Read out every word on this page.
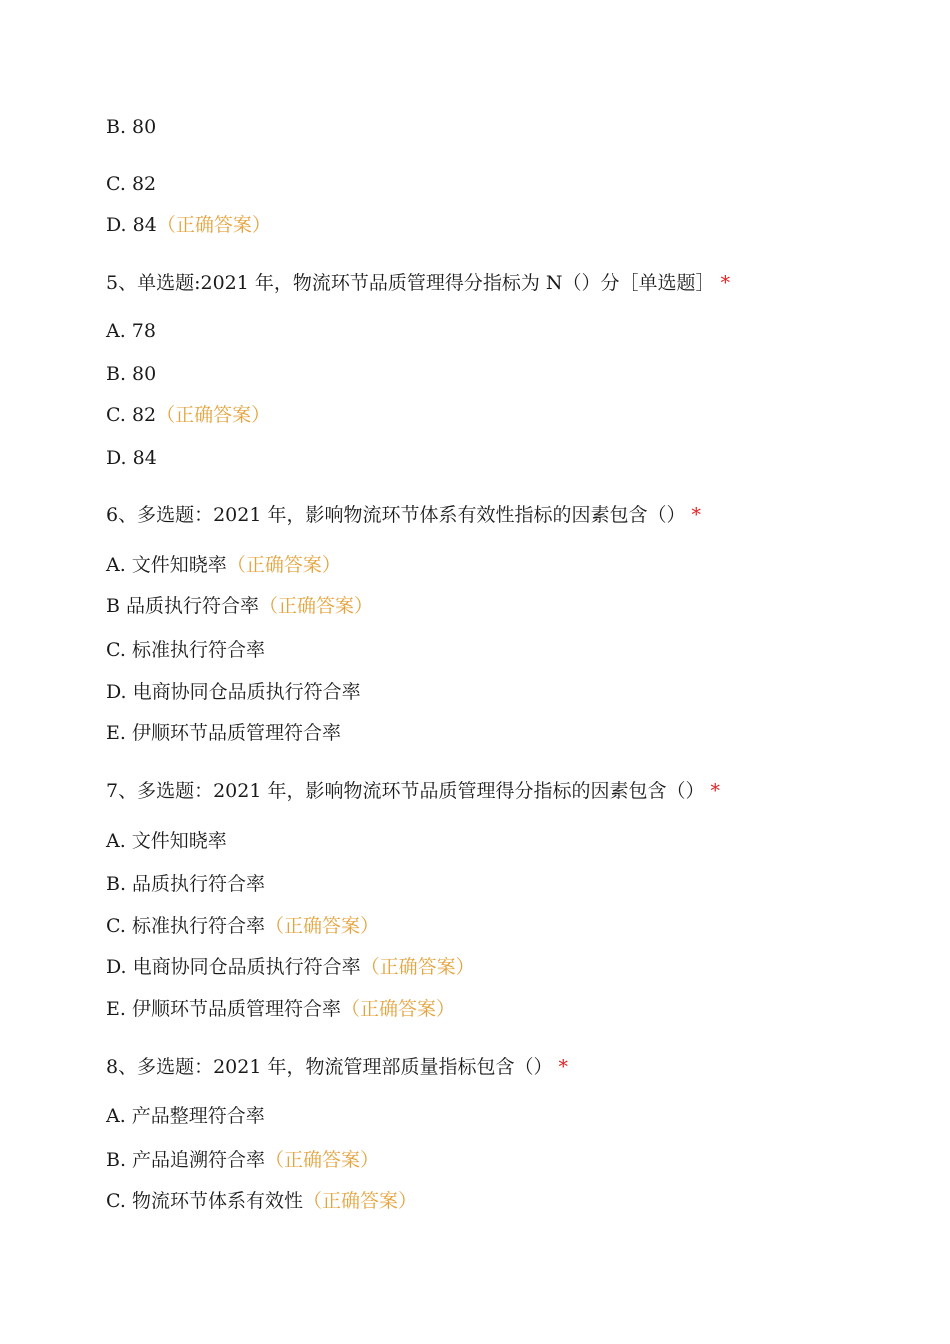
B. 80
C. 82
D. 84（正确答案）
5、单选题:2021 年，物流环节品质管理得分指标为 N（）分［单选题］ *
A. 78
B. 80
C. 82（正确答案）
D. 84
6、多选题：2021 年，影响物流环节体系有效性指标的因素包含（） *
A. 文件知晓率（正确答案）
B 品质执行符合率（正确答案）
C. 标准执行符合率
D. 电商协同仓品质执行符合率
E. 伊顺环节品质管理符合率
7、多选题：2021 年，影响物流环节品质管理得分指标的因素包含（） *
A. 文件知晓率
B. 品质执行符合率
C. 标准执行符合率（正确答案）
D. 电商协同仓品质执行符合率（正确答案）
E. 伊顺环节品质管理符合率（正确答案）
8、多选题：2021 年，物流管理部质量指标包含（） *
A. 产品整理符合率
B. 产品追溯符合率（正确答案）
C. 物流环节体系有效性（正确答案）
